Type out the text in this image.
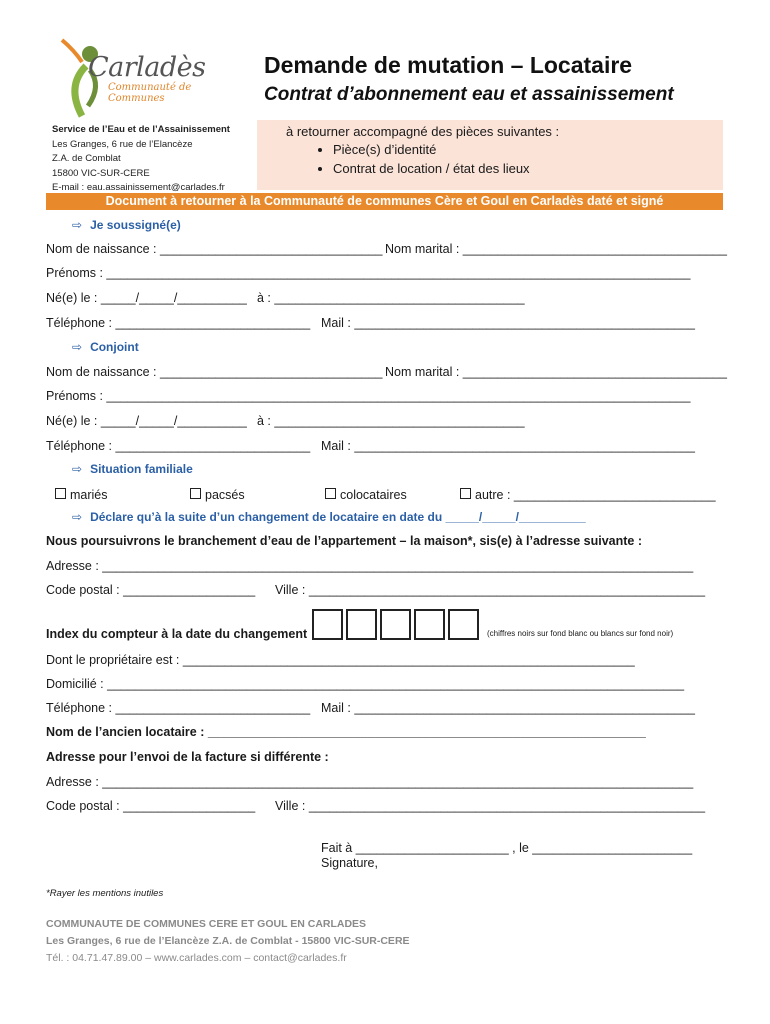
Carladès
Communauté de Communes
Demande de mutation – Locataire
Contrat d’abonnement eau et assainissement
Service de l’Eau et de l’Assainissement
Les Granges, 6 rue de l’Elancèze
Z.A. de Comblat
15800 VIC-SUR-CERE
E-mail : eau.assainissement@carlades.fr
à retourner accompagné des pièces suivantes :
• Pièce(s) d’identité
• Contrat de location / état des lieux
Document à retourner à la Communauté de communes Cère et Goul en Carladès daté et signé
⇨ Je soussigné(e)
Nom de naissance : ________________________________ Nom marital : ______________________________________
Prénoms : ____________________________________________________________________________________
Né(e) le : _____/_____/__________ à : ____________________________________
Téléphone : ____________________________ Mail : _________________________________________________
⇨ Conjoint
Nom de naissance : ________________________________ Nom marital : ______________________________________
Prénoms : ____________________________________________________________________________________
Né(e) le : _____/_____/__________ à : ____________________________________
Téléphone : ____________________________ Mail : _________________________________________________
⇨ Situation familiale
mariés	pacsés	colocataires	autre : _____________________________
⇨ Déclare qu’à la suite d’un changement de locataire en date du _____/_____/__________
Nous poursuivrons le branchement d’eau de l’appartement – la maison*, sis(e) à l’adresse suivante :
Adresse : _____________________________________________________________________________________
Code postal : ___________________ Ville : _________________________________________________________
Index du compteur à la date du changement	(chiffres noirs sur fond blanc ou blancs sur fond noir)
Dont le propriétaire est : _________________________________________________________________
Domicilié : ___________________________________________________________________________________
Téléphone : ____________________________ Mail : _________________________________________________
Nom de l’ancien locataire : _______________________________________________________________
Adresse pour l’envoi de la facture si différente :
Adresse : _____________________________________________________________________________________
Code postal : ___________________ Ville : _________________________________________________________
Fait à ______________________ , le _______________________
Signature,
*Rayer les mentions inutiles
COMMUNAUTE DE COMMUNES CERE ET GOUL EN CARLADES
Les Granges, 6 rue de l’Elancèze Z.A. de Comblat - 15800 VIC-SUR-CERE
Tél. : 04.71.47.89.00 – www.carlades.com – contact@carlades.fr
